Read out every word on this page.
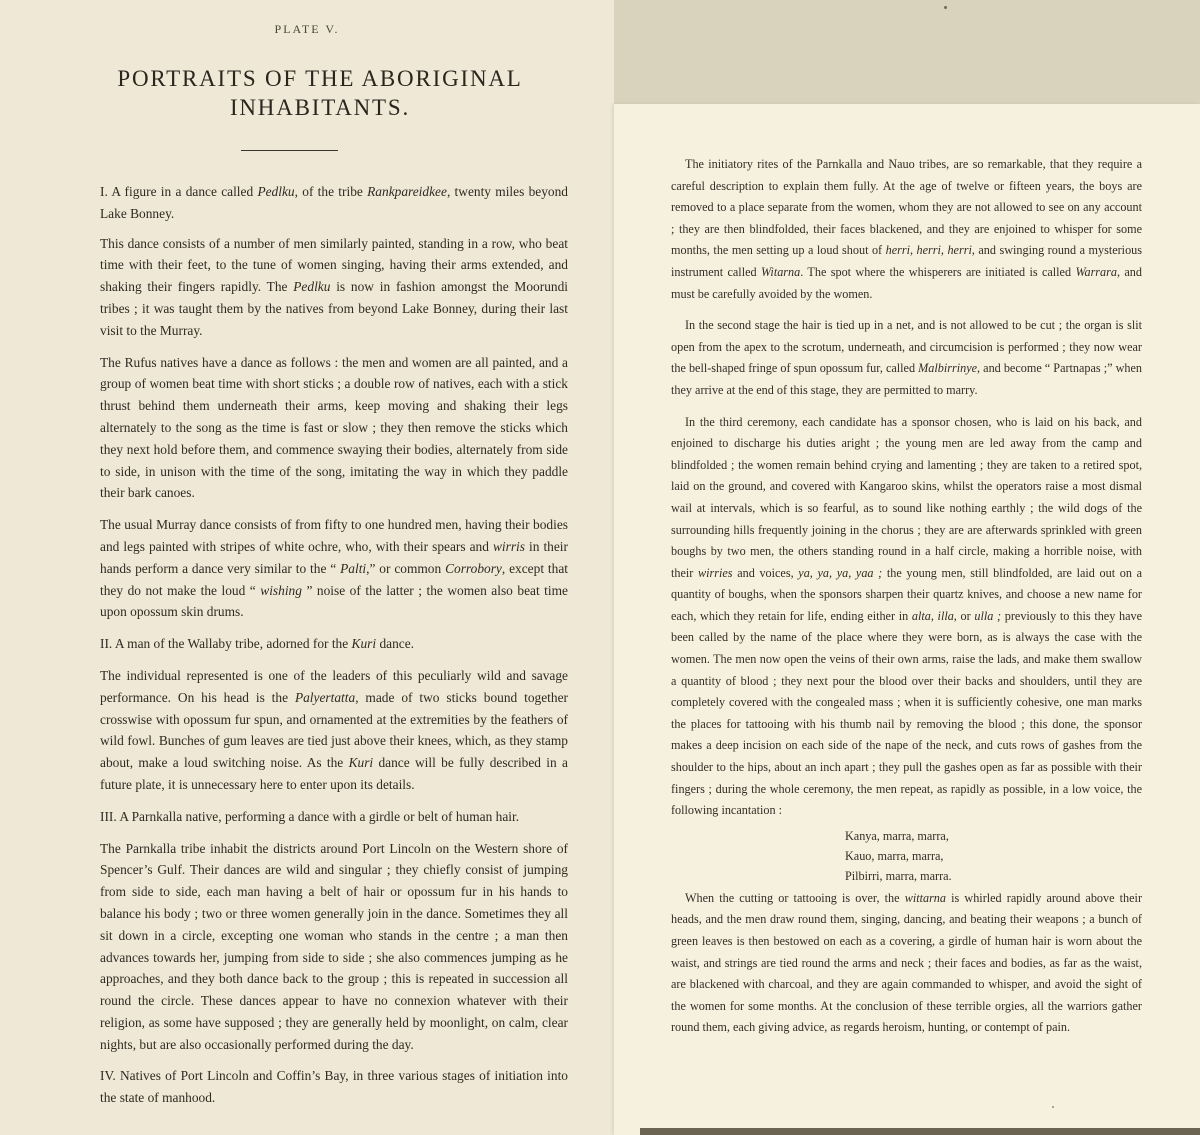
PLATE V.
PORTRAITS OF THE ABORIGINAL INHABITANTS.

I. A figure in a dance called Pedlku, of the tribe Rankpareidkee, twenty miles beyond Lake Bonney.

This dance consists of a number of men similarly painted, standing in a row, who beat time with their feet, to the tune of women singing, having their arms extended, and shaking their fingers rapidly. The Pedlku is now in fashion amongst the Moorundi tribes ; it was taught them by the natives from beyond Lake Bonney, during their last visit to the Murray.

The Rufus natives have a dance as follows : the men and women are all painted, and a group of women beat time with short sticks ; a double row of natives, each with a stick thrust behind them underneath their arms, keep moving and shaking their legs alternately to the song as the time is fast or slow ; they then remove the sticks which they next hold before them, and commence swaying their bodies, alternately from side to side, in unison with the time of the song, imitating the way in which they paddle their bark canoes.

The usual Murray dance consists of from fifty to one hundred men, having their bodies and legs painted with stripes of white ochre, who, with their spears and wirris in their hands perform a dance very similar to the “ Palti,” or common Corrobory, except that they do not make the loud “ wishing ” noise of the latter ; the women also beat time upon opossum skin drums.

II. A man of the Wallaby tribe, adorned for the Kuri dance.

The individual represented is one of the leaders of this peculiarly wild and savage performance. On his head is the Palyertatta, made of two sticks bound together crosswise with opossum fur spun, and ornamented at the extremities by the feathers of wild fowl. Bunches of gum leaves are tied just above their knees, which, as they stamp about, make a loud switching noise. As the Kuri dance will be fully described in a future plate, it is unnecessary here to enter upon its details.

III. A Parnkalla native, performing a dance with a girdle or belt of human hair.

The Parnkalla tribe inhabit the districts around Port Lincoln on the Western shore of Spencer’s Gulf. Their dances are wild and singular ; they chiefly consist of jumping from side to side, each man having a belt of hair or opossum fur in his hands to balance his body ; two or three women generally join in the dance. Sometimes they all sit down in a circle, excepting one woman who stands in the centre ; a man then advances towards her, jumping from side to side ; she also commences jumping as he approaches, and they both dance back to the group ; this is repeated in succession all round the circle. These dances appear to have no connexion whatever with their religion, as some have supposed ; they are generally held by moonlight, on calm, clear nights, but are also occasionally performed during the day.

IV. Natives of Port Lincoln and Coffin’s Bay, in three various stages of initiation into the state of manhood.

The initiatory rites of the Parnkalla and Nauo tribes, are so remarkable, that they require a careful description to explain them fully. At the age of twelve or fifteen years, the boys are removed to a place separate from the women, whom they are not allowed to see on any account ; they are then blindfolded, their faces blackened, and they are enjoined to whisper for some months, the men setting up a loud shout of herri, herri, herri, and swinging round a mysterious instrument called Witarna. The spot where the whisperers are initiated is called Warrara, and must be carefully avoided by the women.

In the second stage the hair is tied up in a net, and is not allowed to be cut ; the organ is slit open from the apex to the scrotum, underneath, and circumcision is performed ; they now wear the bell-shaped fringe of spun opossum fur, called Malbirrinye, and become “ Partnapas ;” when they arrive at the end of this stage, they are permitted to marry.

In the third ceremony, each candidate has a sponsor chosen, who is laid on his back, and enjoined to discharge his duties aright ; the young men are led away from the camp and blindfolded ; the women remain behind crying and lamenting ; they are taken to a retired spot, laid on the ground, and covered with Kangaroo skins, whilst the operators raise a most dismal wail at intervals, which is so fearful, as to sound like nothing earthly ; the wild dogs of the surrounding hills frequently joining in the chorus ; they are are afterwards sprinkled with green boughs by two men, the others standing round in a half circle, making a horrible noise, with their wirries and voices, ya, ya, ya, yaa ; the young men, still blindfolded, are laid out on a quantity of boughs, when the sponsors sharpen their quartz knives, and choose a new name for each, which they retain for life, ending either in alta, illa, or ulla ; previously to this they have been called by the name of the place where they were born, as is always the case with the women. The men now open the veins of their own arms, raise the lads, and make them swallow a quantity of blood ; they next pour the blood over their backs and shoulders, until they are completely covered with the congealed mass ; when it is sufficiently cohesive, one man marks the places for tattooing with his thumb nail by removing the blood ; this done, the sponsor makes a deep incision on each side of the nape of the neck, and cuts rows of gashes from the shoulder to the hips, about an inch apart ; they pull the gashes open as far as possible with their fingers ; during the whole ceremony, the men repeat, as rapidly as possible, in a low voice, the following incantation :

Kanya, marra, marra,
Kauo, marra, marra,
Pilbirri, marra, marra.

When the cutting or tattooing is over, the wittarna is whirled rapidly around above their heads, and the men draw round them, singing, dancing, and beating their weapons ; a bunch of green leaves is then bestowed on each as a covering, a girdle of human hair is worn about the waist, and strings are tied round the arms and neck ; their faces and bodies, as far as the waist, are blackened with charcoal, and they are again commanded to whisper, and avoid the sight of the women for some months. At the conclusion of these terrible orgies, all the warriors gather round them, each giving advice, as regards heroism, hunting, or contempt of pain.
